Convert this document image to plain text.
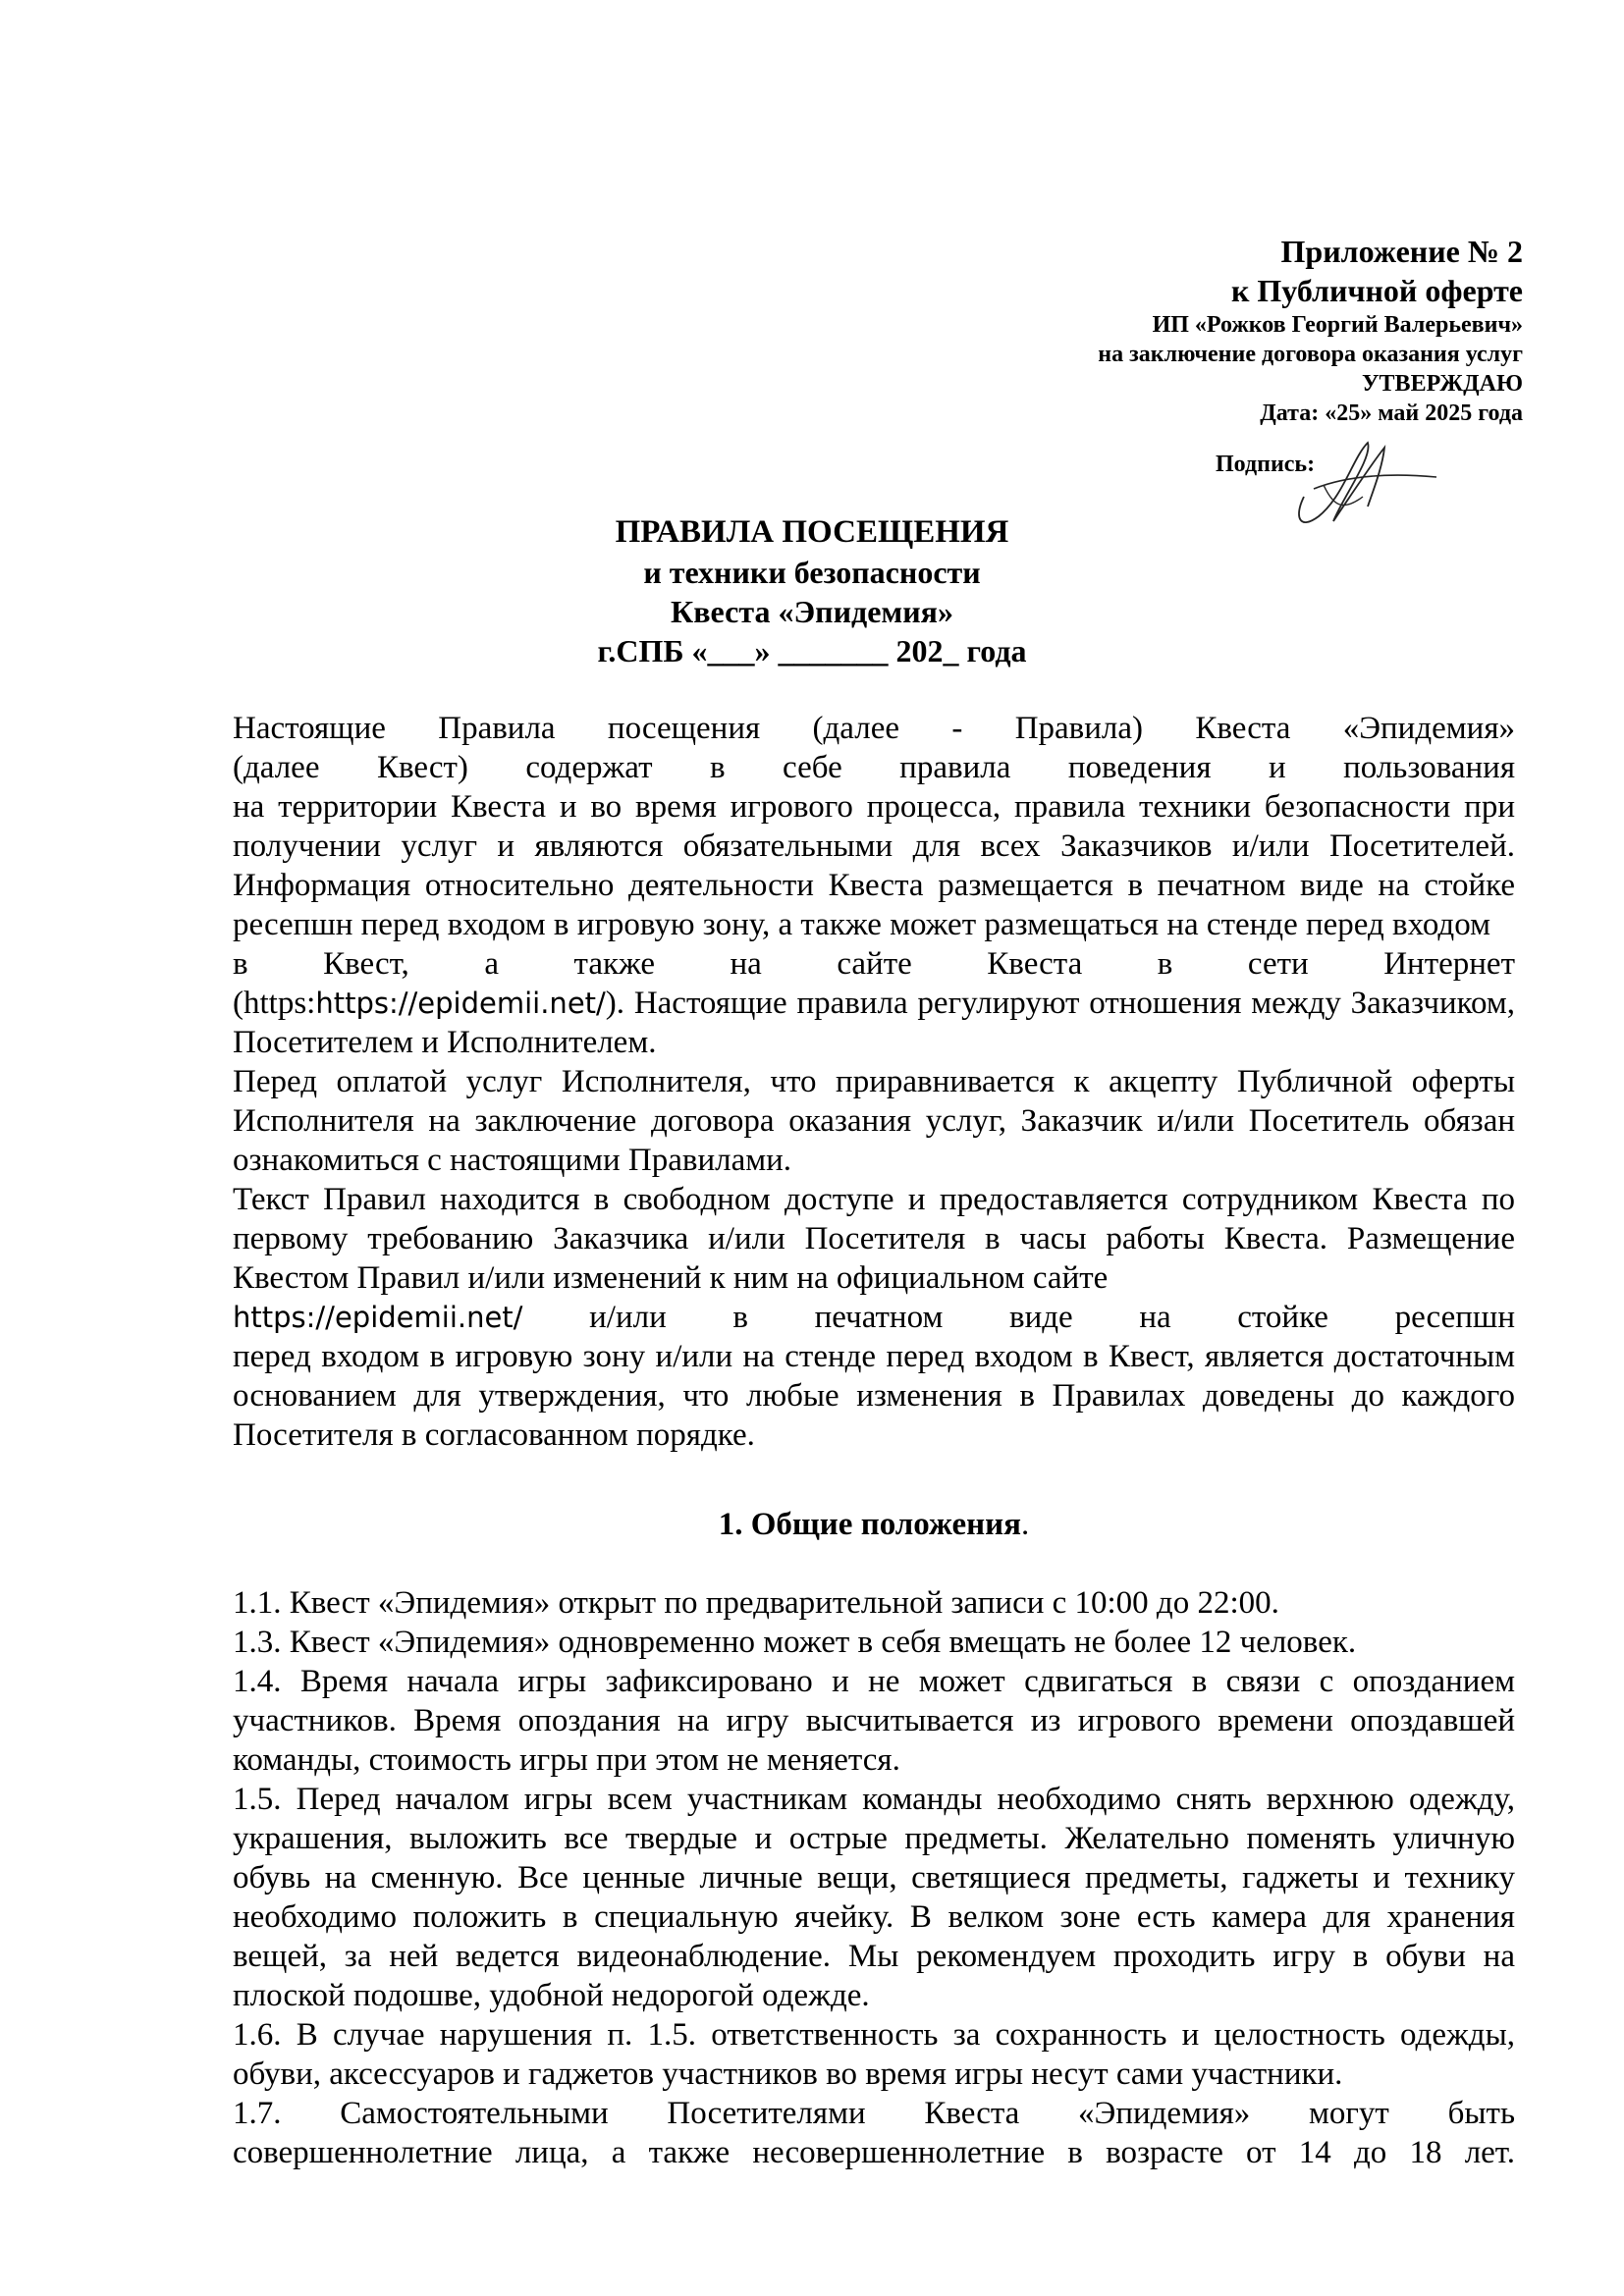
Приложение № 2
к Публичной оферте
ИП «Рожков Георгий Валерьевич»
на заключение договора оказания услуг
УТВЕРЖДАЮ
Дата: «25» май 2025 года
Подпись:
ПРАВИЛА ПОСЕЩЕНИЯ
и техники безопасности
Квеста «Эпидемия»
г.СПБ «___» _______ 202_ года

Настоящие Правила посещения (далее - Правила) Квеста «Эпидемия»

(далее Квест) содержат в себе правила поведения и пользования

на территории Квеста и во время игрового процесса, правила техники безопасности при получении услуг и являются обязательными для всех Заказчиков и/или Посетителей. Информация относительно деятельности Квеста размещается в печатном виде на стойке ресепшн перед входом в игровую зону, а также может размещаться на стенде перед входом

в Квест, а также на сайте Квеста в сети Интернет

(https:https://epidemii.net/). Настоящие правила регулируют отношения между Заказчиком, Посетителем и Исполнителем.

Перед оплатой услуг Исполнителя, что приравнивается к акцепту Публичной оферты Исполнителя на заключение договора оказания услуг, Заказчик и/или Посетитель обязан ознакомиться с настоящими Правилами.

Текст Правил находится в свободном доступе и предоставляется сотрудником Квеста по первому требованию Заказчика и/или Посетителя в часы работы Квеста. Размещение Квестом Правил и/или изменений к ним на официальном сайте

https://epidemii.net/ и/или в печатном виде на стойке ресепшн

перед входом в игровую зону и/или на стенде перед входом в Квест, является достаточным основанием для утверждения, что любые изменения в Правилах доведены до каждого Посетителя в согласованном порядке.

1. Общие положения.

1.1. Квест «Эпидемия» открыт по предварительной записи с 10:00 до 22:00.

1.3. Квест «Эпидемия» одновременно может в себя вмещать не более 12 человек.

1.4. Время начала игры зафиксировано и не может сдвигаться в связи с опозданием участников. Время опоздания на игру высчитывается из игрового времени опоздавшей команды, стоимость игры при этом не меняется.

1.5. Перед началом игры всем участникам команды необходимо снять верхнюю одежду, украшения, выложить все твердые и острые предметы. Желательно поменять уличную обувь на сменную. Все ценные личные вещи, светящиеся предметы, гаджеты и технику необходимо положить в специальную ячейку. В велком зоне есть камера для хранения вещей, за ней ведется видеонаблюдение. Мы рекомендуем проходить игру в обуви на плоской подошве, удобной недорогой одежде.

1.6. В случае нарушения п. 1.5. ответственность за сохранность и целостность одежды, обуви, аксессуаров и гаджетов участников во время игры несут сами участники.

1.7. Самостоятельными Посетителями Квеста «Эпидемия» могут быть

совершеннолетние лица, а также несовершеннолетние в возрасте от 14 до 18 лет.
